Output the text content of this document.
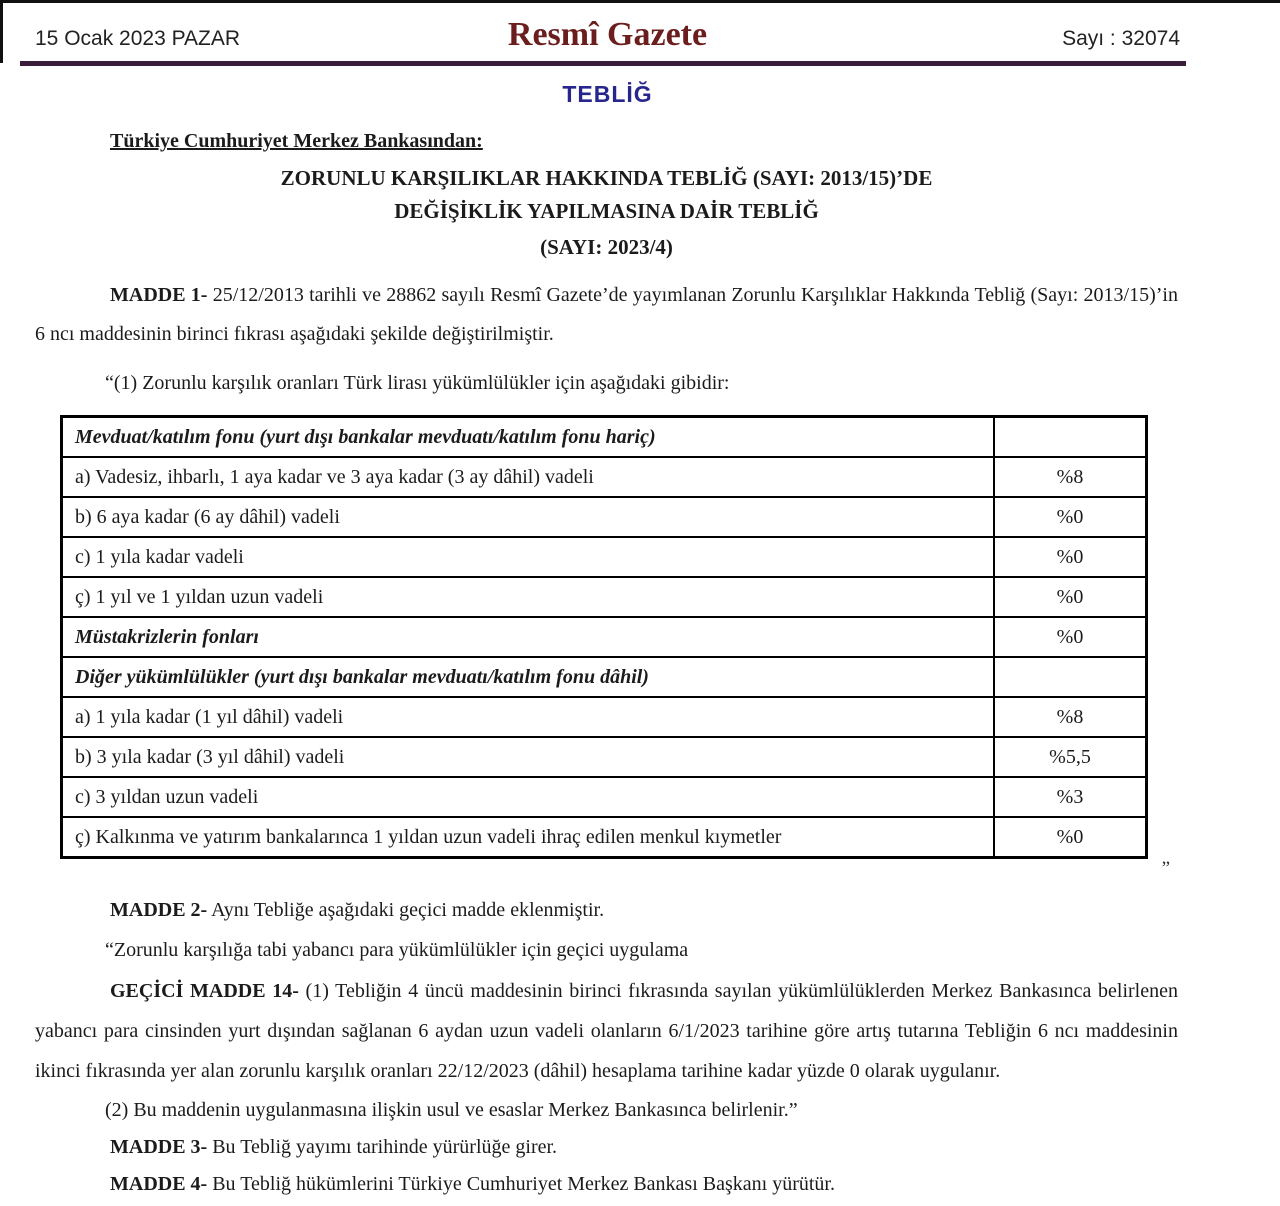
15 Ocak 2023 PAZAR	Resmî Gazete	Sayı : 32074
TEBLİĞ

Türkiye Cumhuriyet Merkez Bankasından:

ZORUNLU KARŞILIKLAR HAKKINDA TEBLİĞ (SAYI: 2013/15)’DE
DEĞİŞİKLİK YAPILMASINA DAİR TEBLİĞ
(SAYI: 2023/4)

MADDE 1- 25/12/2013 tarihli ve 28862 sayılı Resmî Gazete’de yayımlanan Zorunlu Karşılıklar Hakkında Tebliğ (Sayı: 2013/15)’in 6 ncı maddesinin birinci fıkrası aşağıdaki şekilde değiştirilmiştir.

“(1) Zorunlu karşılık oranları Türk lirası yükümlülükler için aşağıdaki gibidir:

Mevduat/katılım fonu (yurt dışı bankalar mevduatı/katılım fonu hariç)	
a) Vadesiz, ihbarlı, 1 aya kadar ve 3 aya kadar (3 ay dâhil) vadeli	%8
b) 6 aya kadar (6 ay dâhil) vadeli	%0
c) 1 yıla kadar vadeli	%0
ç) 1 yıl ve 1 yıldan uzun vadeli	%0
Müstakrizlerin fonları	%0
Diğer yükümlülükler (yurt dışı bankalar mevduatı/katılım fonu dâhil)	
a) 1 yıla kadar (1 yıl dâhil) vadeli	%8
b) 3 yıla kadar (3 yıl dâhil) vadeli	%5,5
c) 3 yıldan uzun vadeli	%3
ç) Kalkınma ve yatırım bankalarınca 1 yıldan uzun vadeli ihraç edilen menkul kıymetler	%0
”

MADDE 2- Aynı Tebliğe aşağıdaki geçici madde eklenmiştir.

“Zorunlu karşılığa tabi yabancı para yükümlülükler için geçici uygulama

GEÇİCİ MADDE 14- (1) Tebliğin 4 üncü maddesinin birinci fıkrasında sayılan yükümlülüklerden Merkez Bankasınca belirlenen yabancı para cinsinden yurt dışından sağlanan 6 aydan uzun vadeli olanların 6/1/2023 tarihine göre artış tutarına Tebliğin 6 ncı maddesinin ikinci fıkrasında yer alan zorunlu karşılık oranları 22/12/2023 (dâhil) hesaplama tarihine kadar yüzde 0 olarak uygulanır.

(2) Bu maddenin uygulanmasına ilişkin usul ve esaslar Merkez Bankasınca belirlenir.”

MADDE 3- Bu Tebliğ yayımı tarihinde yürürlüğe girer.

MADDE 4- Bu Tebliğ hükümlerini Türkiye Cumhuriyet Merkez Bankası Başkanı yürütür.
